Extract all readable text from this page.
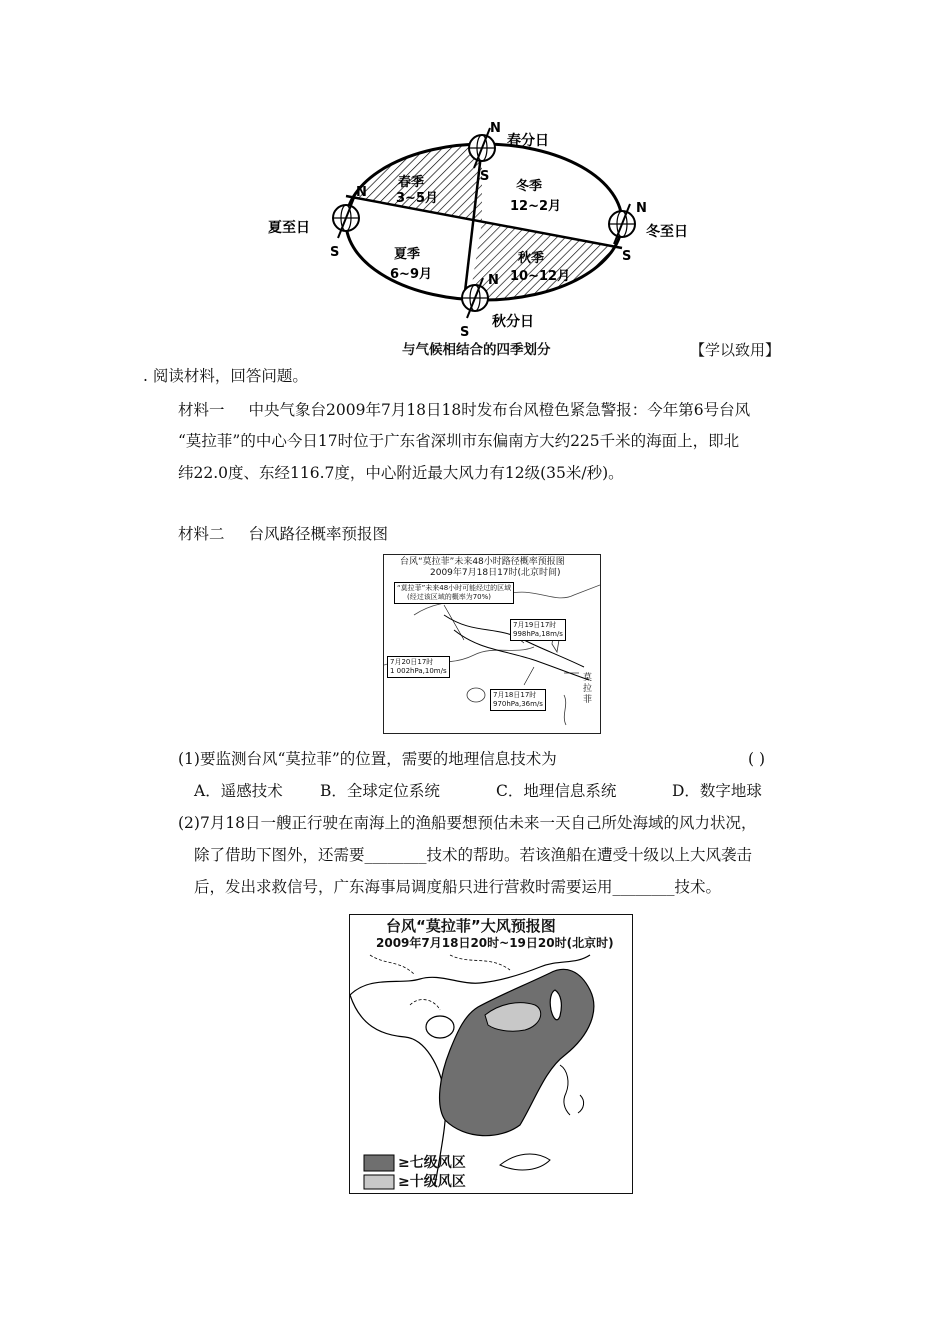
N
S
N
S
N
S
N
S
春分日
夏至日	冬至日
秋分日
春季
3~5月
冬季
12~2月
夏季
6~9月
秋季
10~12月
与气候相结合的四季划分	【学以致用】
. 阅读材料，回答问题。
材料一 中央气象台2009年7月18日18时发布台风橙色紧急警报：今年第6号台风
“莫拉菲”的中心今日17时位于广东省深圳市东偏南方大约225千米的海面上，即北
纬22.0度、东经116.7度，中心附近最大风力有12级(35米/秒)。
材料二 台风路径概率预报图
台风“莫拉菲”未来48小时路径概率预报图
2009年7月18日17时(北京时间)
“莫拉菲”未来48小时可能经过的区域
(经过该区域的概率为70%)
7月19日17时
998hPa,18m/s
7月20日17时
1 002hPa,10m/s
7月18日17时
970hPa,36m/s
莫拉菲
(1)要监测台风“莫拉菲”的位置，需要的地理信息技术为	( )
A．遥感技术 B．全球定位系统	C．地理信息系统	D．数字地球
(2)7月18日一艘正行驶在南海上的渔船要想预估未来一天自己所处海域的风力状况，
除了借助下图外，还需要________技术的帮助。若该渔船在遭受十级以上大风袭击
后，发出求救信号，广东海事局调度船只进行营救时需要运用________技术。
台风“莫拉菲”大风预报图
2009年7月18日20时~19日20时(北京时)
≥七级风区
≥十级风区
